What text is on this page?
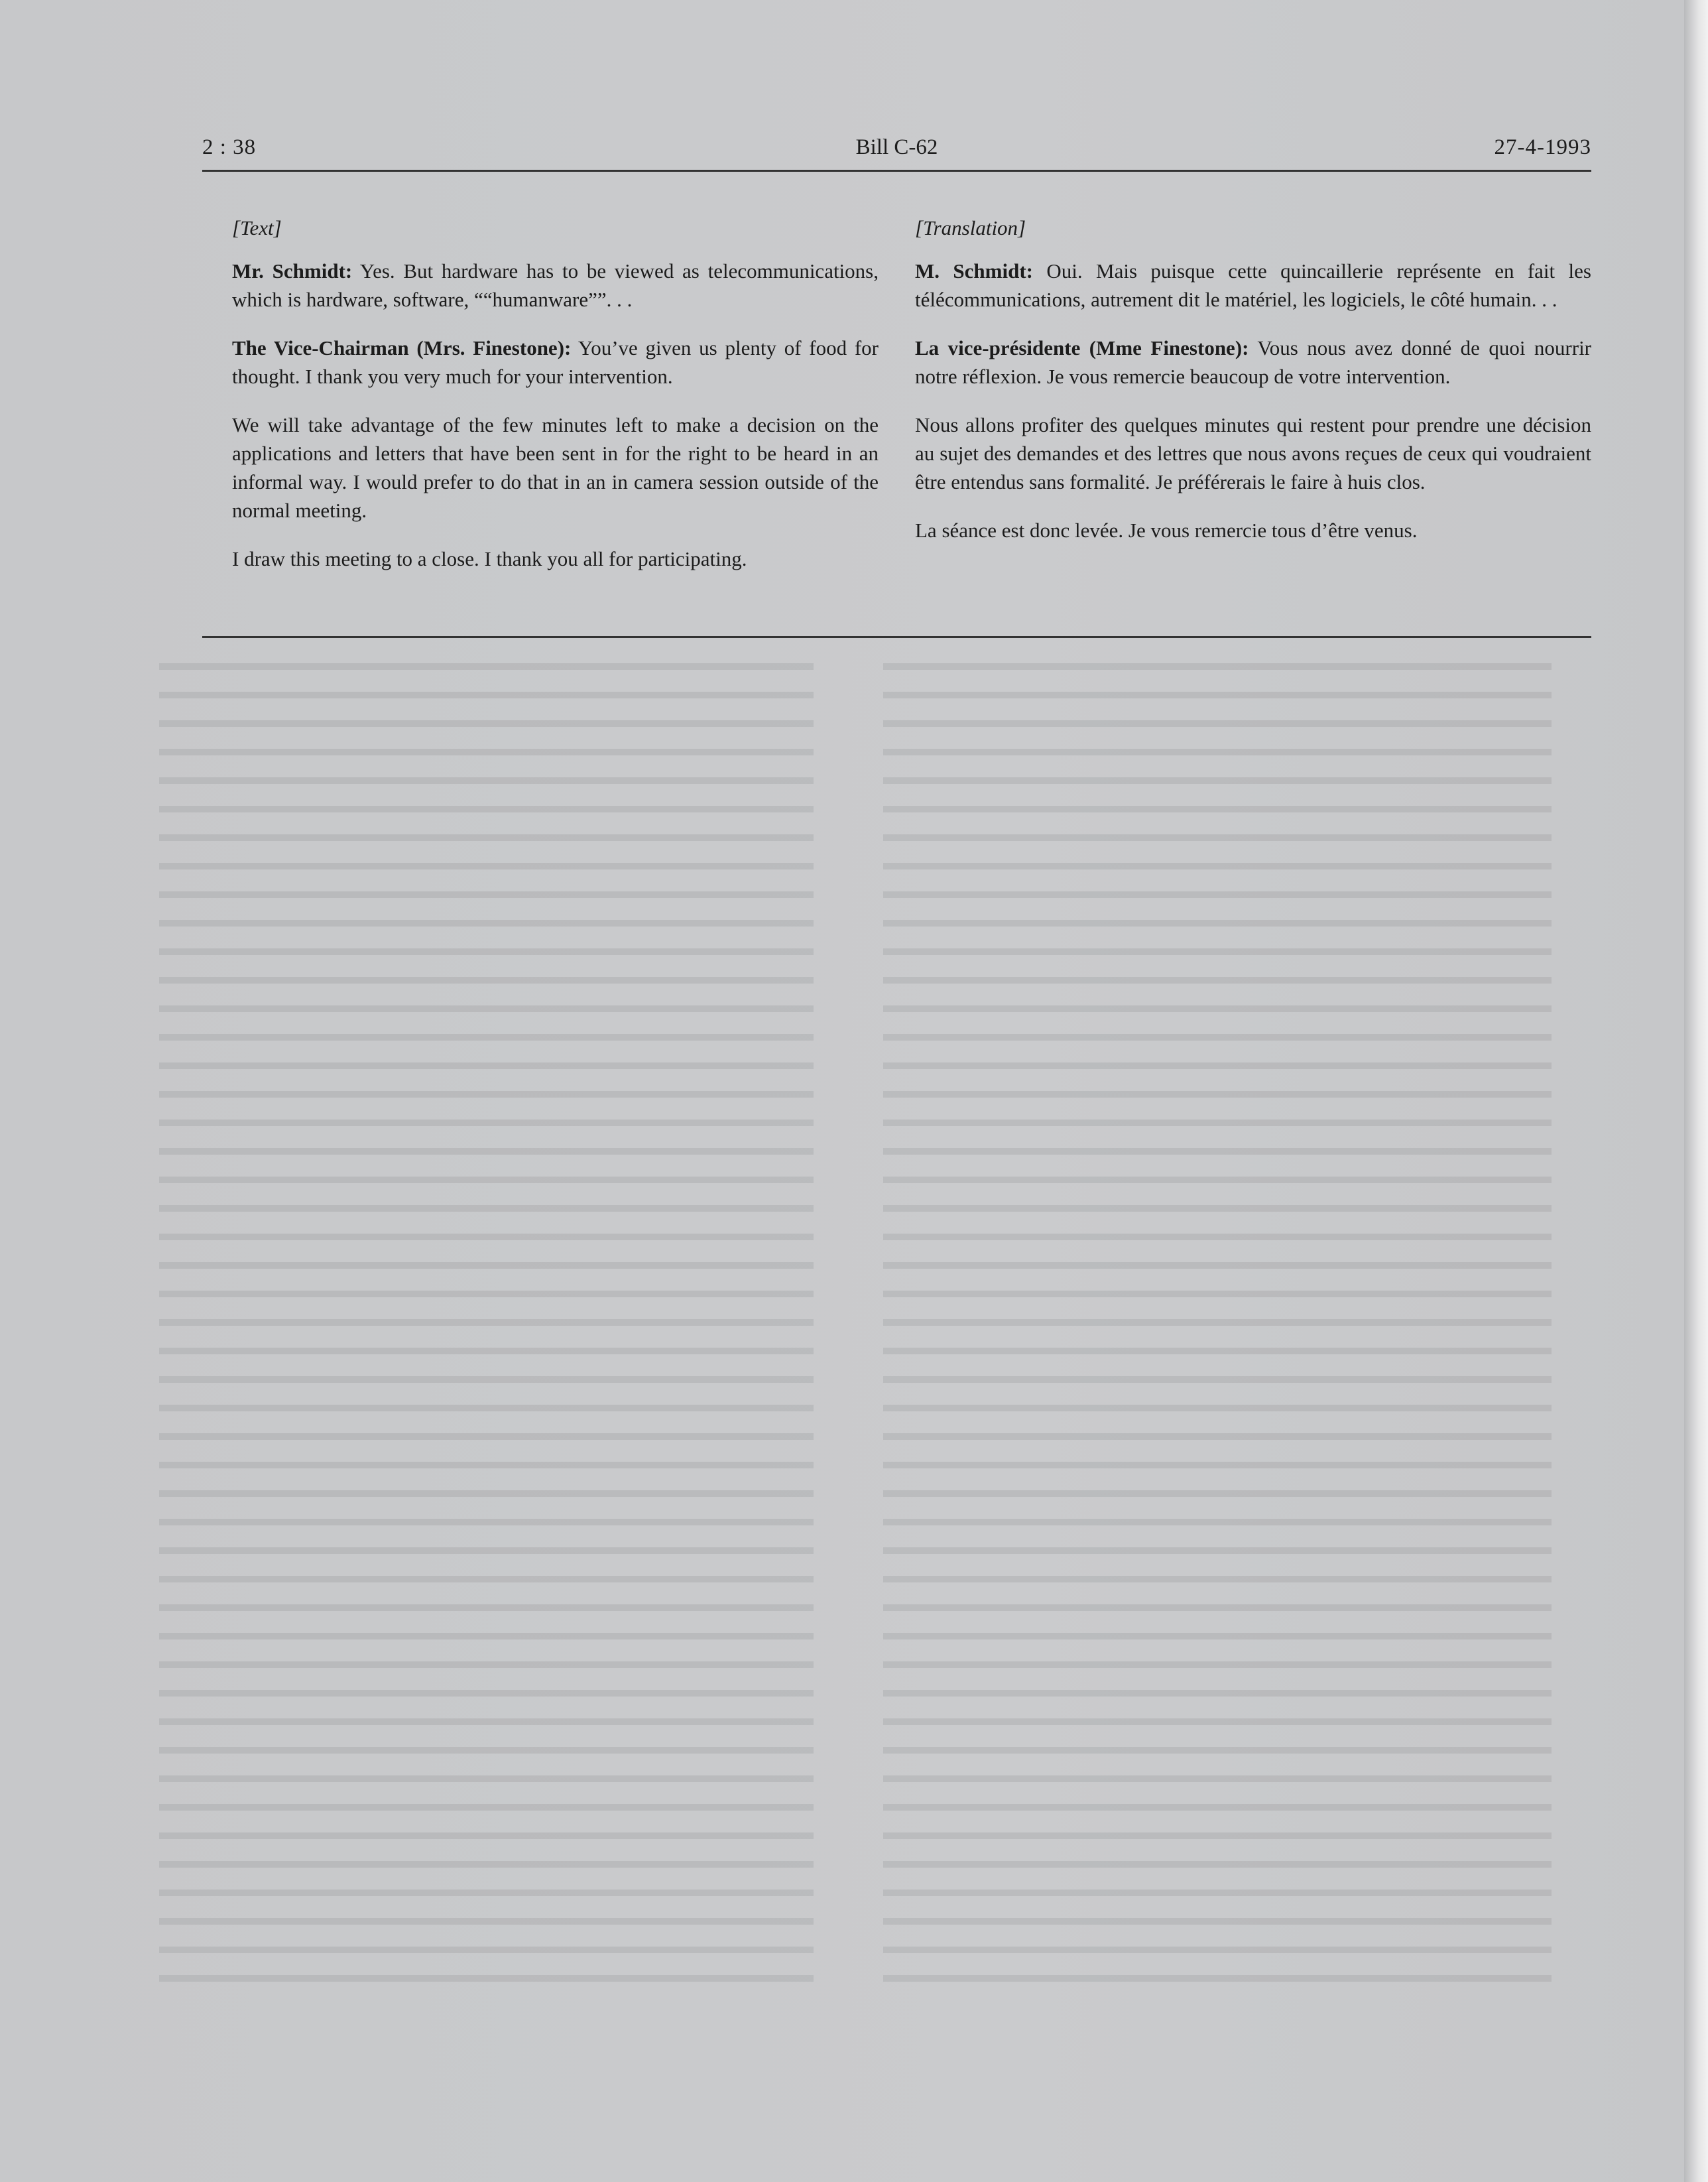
2 : 38	Bill C-62	27-4-1993
[Text]

Mr. Schmidt: Yes. But hardware has to be viewed as telecommunications, which is hardware, software, ““humanware””. . .

The Vice-Chairman (Mrs. Finestone): You’ve given us plenty of food for thought. I thank you very much for your intervention.

We will take advantage of the few minutes left to make a decision on the applications and letters that have been sent in for the right to be heard in an informal way. I would prefer to do that in an in camera session outside of the normal meeting.

I draw this meeting to a close. I thank you all for participating.

[Translation]

M. Schmidt: Oui. Mais puisque cette quincaillerie représente en fait les télécommunications, autrement dit le matériel, les logiciels, le côté humain. . .

La vice-présidente (Mme Finestone): Vous nous avez donné de quoi nourrir notre réflexion. Je vous remercie beaucoup de votre intervention.

Nous allons profiter des quelques minutes qui restent pour prendre une décision au sujet des demandes et des lettres que nous avons reçues de ceux qui voudraient être entendus sans formalité. Je préférerais le faire à huis clos.

La séance est donc levée. Je vous remercie tous d’être venus.
